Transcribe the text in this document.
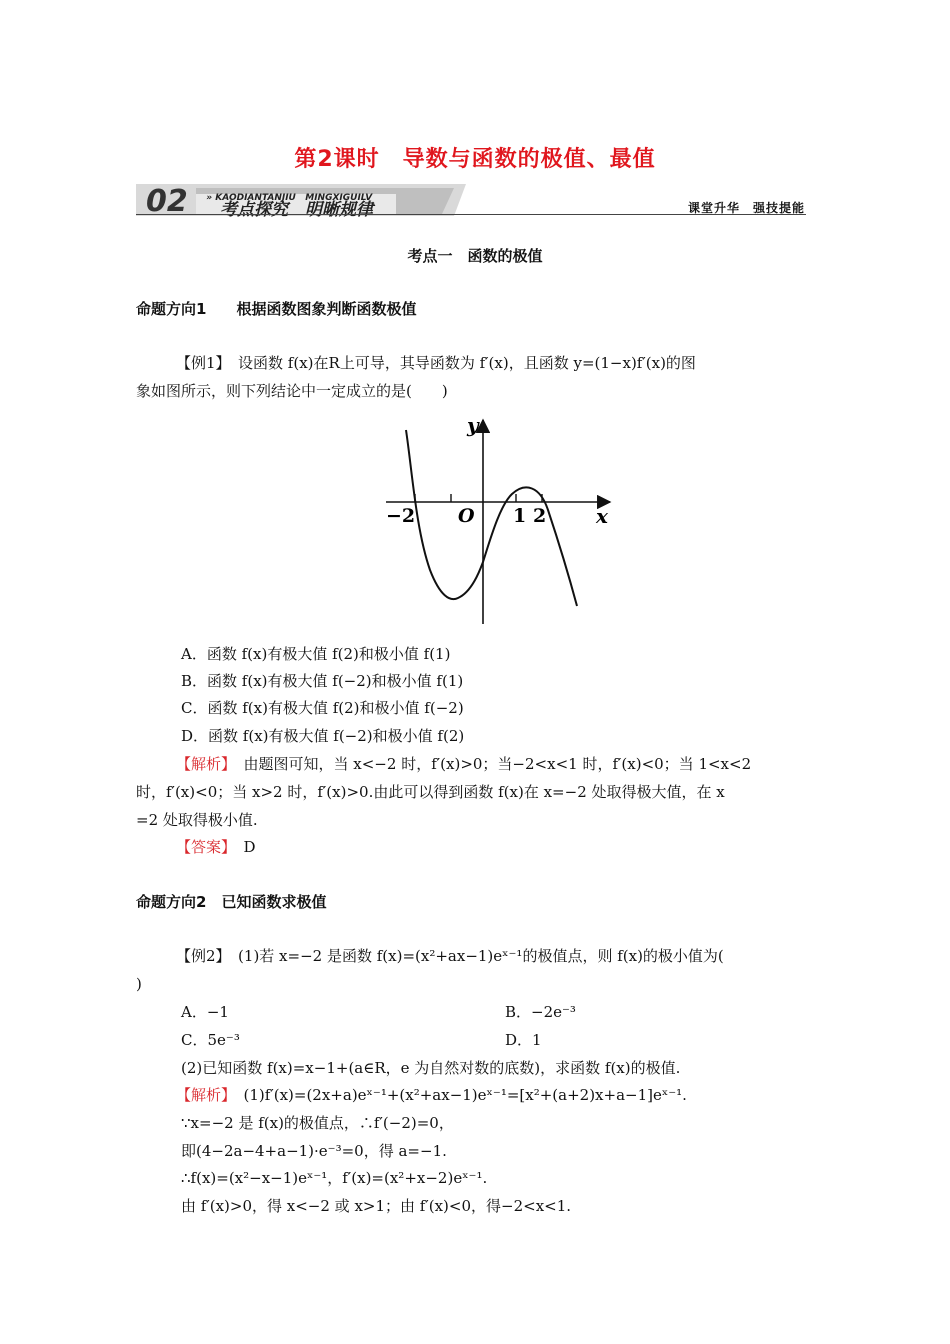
第2课时　导数与函数的极值、最值
02	» KAODIANTANJIU   MINGXIGUILV

考点探究　明晰规律	课堂升华　强技提能
考点一　函数的极值
命题方向1　　根据函数图象判断函数极值
【例1】　设函数 f(x)在R上可导，其导函数为 f′(x)，且函数 y=(1−x)f′(x)的图
象如图所示，则下列结论中一定成立的是(　　)
y
x
O
−2	1 2
A．函数 f(x)有极大值 f(2)和极小值 f(1)
B．函数 f(x)有极大值 f(−2)和极小值 f(1)
C．函数 f(x)有极大值 f(2)和极小值 f(−2)
D．函数 f(x)有极大值 f(−2)和极小值 f(2)
【解析】　由题图可知，当 x<−2 时，f′(x)>0；当−2<x<1 时，f′(x)<0；当 1<x<2
时，f′(x)<0；当 x>2 时，f′(x)>0.由此可以得到函数 f(x)在 x=−2 处取得极大值，在 x
=2 处取得极小值.
【答案】　D
命题方向2　已知函数求极值
【例2】　(1)若 x=−2 是函数 f(x)=(x²+ax−1)eˣ⁻¹的极值点，则 f(x)的极小值为(
)
A．−1	B．−2e⁻³
C．5e⁻³	D．1
(2)已知函数 f(x)=x−1+(a∈R，e 为自然对数的底数)，求函数 f(x)的极值.
【解析】　(1)f′(x)=(2x+a)eˣ⁻¹+(x²+ax−1)eˣ⁻¹=[x²+(a+2)x+a−1]eˣ⁻¹.
∵x=−2 是 f(x)的极值点，∴f′(−2)=0，
即(4−2a−4+a−1)·e⁻³=0，得 a=−1.
∴f(x)=(x²−x−1)eˣ⁻¹，f′(x)=(x²+x−2)eˣ⁻¹.
由 f′(x)>0，得 x<−2 或 x>1；由 f′(x)<0，得−2<x<1.
